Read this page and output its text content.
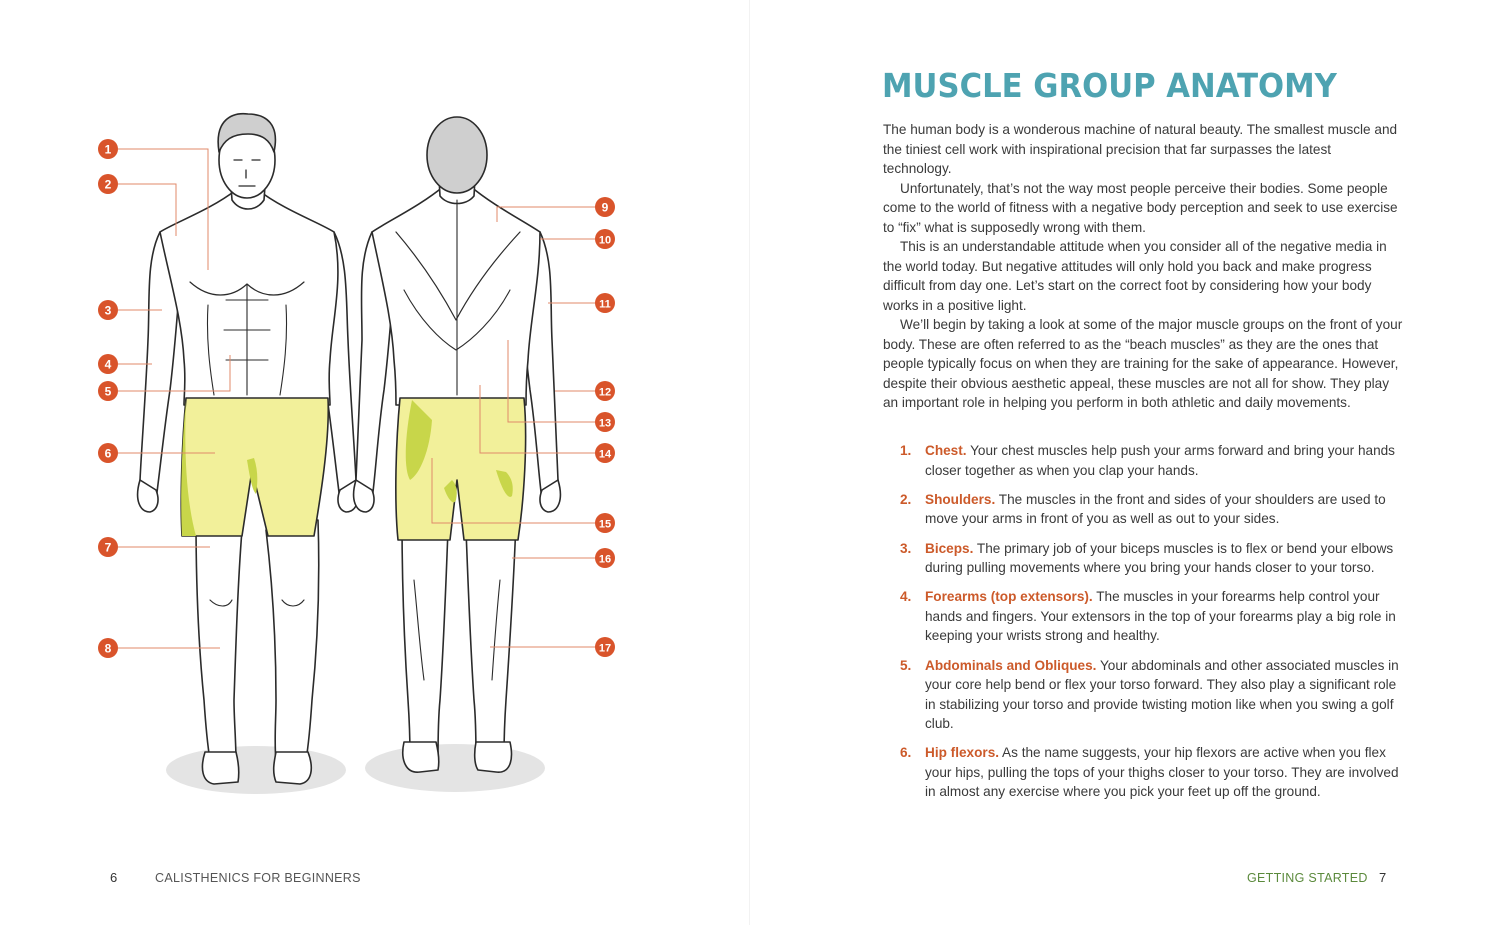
1
2
3
4
5
6
7
8
9
10
11
12
13
14
15
16
17
6	CALISTHENICS FOR BEGINNERS
MUSCLE GROUP ANATOMY

The human body is a wonderous machine of natural beauty. The smallest muscle and the tiniest cell work with inspirational precision that far surpasses the latest technology.

Unfortunately, that’s not the way most people perceive their bodies. Some people come to the world of fitness with a negative body perception and seek to use exercise to “fix” what is supposedly wrong with them.

This is an understandable attitude when you consider all of the negative media in the world today. But negative attitudes will only hold you back and make progress difficult from day one. Let’s start on the correct foot by considering how your body works in a positive light.

We’ll begin by taking a look at some of the major muscle groups on the front of your body. These are often referred to as the “beach muscles” as they are the ones that people typically focus on when they are training for the sake of appearance. However, despite their obvious aesthetic appeal, these muscles are not all for show. They play an important role in helping you perform in both athletic and daily movements.

1. Chest. Your chest muscles help push your arms forward and bring your hands closer together as when you clap your hands.
2. Shoulders. The muscles in the front and sides of your shoulders are used to move your arms in front of you as well as out to your sides.
3. Biceps. The primary job of your biceps muscles is to flex or bend your elbows during pulling movements where you bring your hands closer to your torso.
4. Forearms (top extensors). The muscles in your forearms help control your hands and fingers. Your extensors in the top of your forearms play a big role in keeping your wrists strong and healthy.
5. Abdominals and Obliques. Your abdominals and other associated muscles in your core help bend or flex your torso forward. They also play a significant role in stabilizing your torso and provide twisting motion like when you swing a golf club.
6. Hip flexors. As the name suggests, your hip flexors are active when you flex your hips, pulling the tops of your thighs closer to your torso. They are involved in almost any exercise where you pick your feet up off the ground.
GETTING STARTED 7
